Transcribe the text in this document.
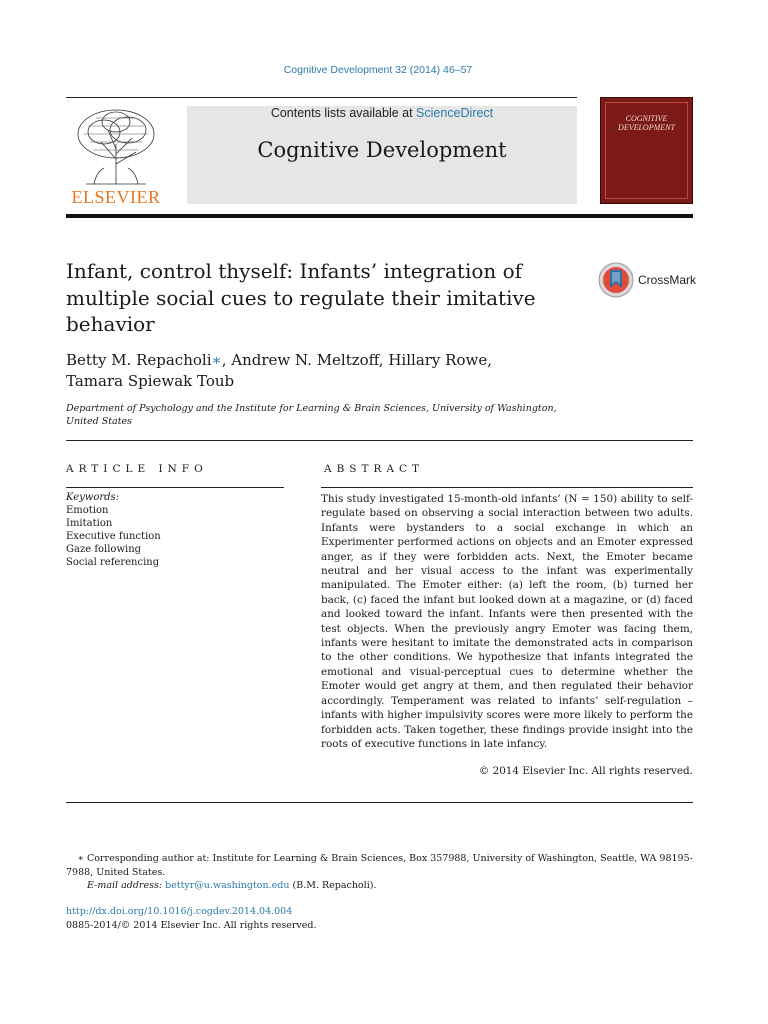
Cognitive Development 32 (2014) 46–57
ELSEVIER
Contents lists available at ScienceDirect
Cognitive Development
COGNITIVE DEVELOPMENT
Infant, control thyself: Infants’ integration of multiple social cues to regulate their imitative behavior
CrossMark

Betty M. Repacholi∗, Andrew N. Meltzoff, Hillary Rowe,
Tamara Spiewak Toub

Department of Psychology and the Institute for Learning & Brain Sciences, University of Washington, United States

ARTICLE INFO	ABSTRACT
Keywords:
Emotion
Imitation
Executive function
Gaze following
Social referencing

This study investigated 15-month-old infants’ (N = 150) ability to self-regulate based on observing a social interaction between two adults. Infants were bystanders to a social exchange in which an Experimenter performed actions on objects and an Emoter expressed anger, as if they were forbidden acts. Next, the Emoter became neutral and her visual access to the infant was experimentally manipulated. The Emoter either: (a) left the room, (b) turned her back, (c) faced the infant but looked down at a magazine, or (d) faced and looked toward the infant. Infants were then presented with the test objects. When the previously angry Emoter was facing them, infants were hesitant to imitate the demonstrated acts in comparison to the other conditions. We hypothesize that infants integrated the emotional and visual-perceptual cues to determine whether the Emoter would get angry at them, and then regulated their behavior accordingly. Temperament was related to infants’ self-regulation – infants with higher impulsivity scores were more likely to perform the forbidden acts. Taken together, these findings provide insight into the roots of executive functions in late infancy.

© 2014 Elsevier Inc. All rights reserved.

∗ Corresponding author at: Institute for Learning & Brain Sciences, Box 357988, University of Washington, Seattle, WA 98195-7988, United States.
E-mail address: bettyr@u.washington.edu (B.M. Repacholi).

http://dx.doi.org/10.1016/j.cogdev.2014.04.004

0885-2014/© 2014 Elsevier Inc. All rights reserved.
